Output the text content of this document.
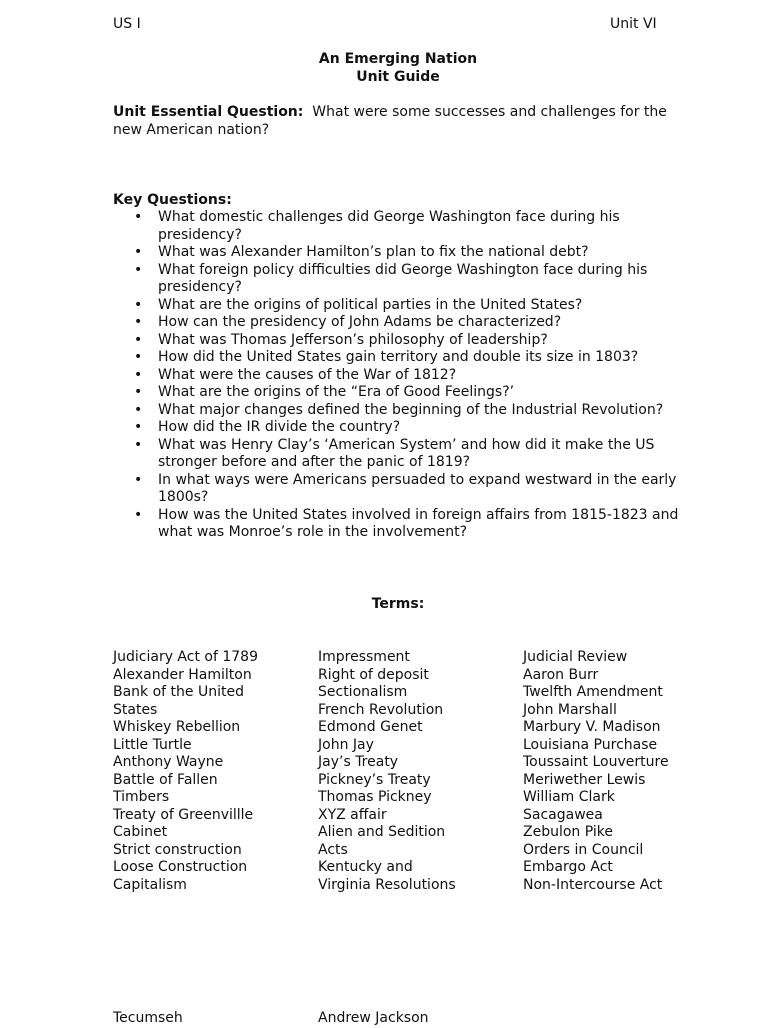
US I	Unit VI
An Emerging Nation
Unit Guide
Unit Essential Question:  What were some successes and challenges for the new American nation?
Key Questions:
• What domestic challenges did George Washington face during his presidency?
• What was Alexander Hamilton’s plan to fix the national debt?
• What foreign policy difficulties did George Washington face during his presidency?
• What are the origins of political parties in the United States?
• How can the presidency of John Adams be characterized?
• What was Thomas Jefferson’s philosophy of leadership?
• How did the United States gain territory and double its size in 1803?
• What were the causes of the War of 1812?
• What are the origins of the “Era of Good Feelings?’
• What major changes defined the beginning of the Industrial Revolution?
• How did the IR divide the country?
• What was Henry Clay’s ‘American System’ and how did it make the US stronger before and after the panic of 1819?
• In what ways were Americans persuaded to expand westward in the early 1800s?
• How was the United States involved in foreign affairs from 1815-1823 and what was Monroe’s role in the involvement?
Terms:
Judiciary Act of 1789
Alexander Hamilton
Bank of the United
States
Whiskey Rebellion
Little Turtle
Anthony Wayne
Battle of Fallen
Timbers
Treaty of Greenvillle
Cabinet
Strict construction
Loose Construction
Capitalism
Impressment
Right of deposit
Sectionalism
French Revolution
Edmond Genet
John Jay
Jay’s Treaty
Pickney’s Treaty
Thomas Pickney
XYZ affair
Alien and Sedition
Acts
Kentucky and
Virginia Resolutions
Judicial Review
Aaron Burr
Twelfth Amendment
John Marshall
Marbury V. Madison
Louisiana Purchase
Toussaint Louverture
Meriwether Lewis
William Clark
Sacagawea
Zebulon Pike
Orders in Council
Embargo Act
Non-Intercourse Act
Tecumseh	Andrew Jackson
